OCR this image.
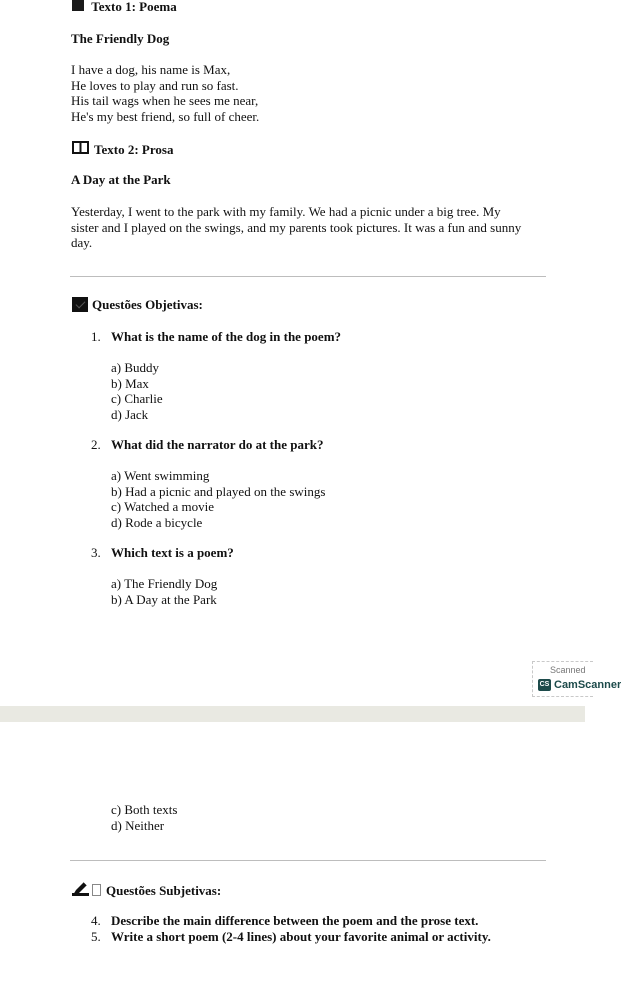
Texto 1: Poema
The Friendly Dog
I have a dog, his name is Max,
He loves to play and run so fast.
His tail wags when he sees me near,
He's my best friend, so full of cheer.
Texto 2: Prosa
A Day at the Park
Yesterday, I went to the park with my family. We had a picnic under a big tree. My
sister and I played on the swings, and my parents took pictures. It was a fun and sunny
day.
Questões Objetivas:
1. What is the name of the dog in the poem?
a) Buddy
b) Max
c) Charlie
d) Jack
2. What did the narrator do at the park?
a) Went swimming
b) Had a picnic and played on the swings
c) Watched a movie
d) Rode a bicycle
3. Which text is a poem?
a) The Friendly Dog
b) A Day at the Park
Scanned
CS CamScanner
c) Both texts
d) Neither
Questões Subjetivas:
4. Describe the main difference between the poem and the prose text.
5. Write a short poem (2-4 lines) about your favorite animal or activity.
